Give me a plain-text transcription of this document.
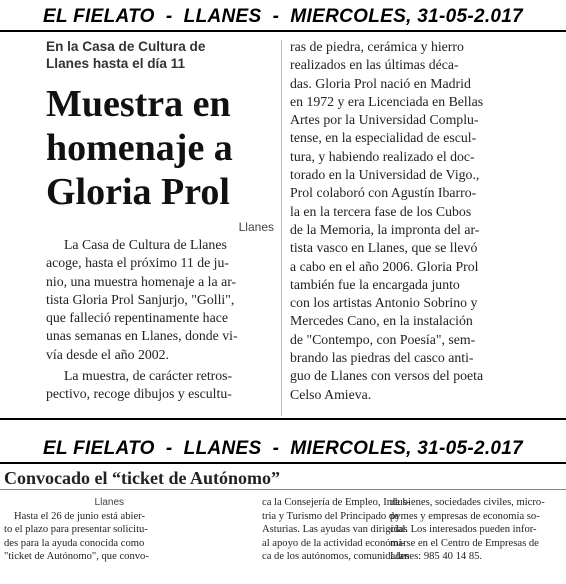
EL FIELATO  -  LLANES  -  MIERCOLES, 31-05-2.017
En la Casa de Cultura de
Llanes hasta el día 11
Muestra en
homenaje a
Gloria Prol
Llanes
La Casa de Cultura de Llanes
acoge, hasta el próximo 11 de ju-
nio, una muestra homenaje a la ar-
tista Gloria Prol Sanjurjo, "Golli",
que falleció repentinamente hace
unas semanas en Llanes, donde vi-
vía desde el año 2002.
La muestra, de carácter retros-
pectivo, recoge dibujos y escultu-
ras de piedra, cerámica y hierro
realizados en las últimas déca-
das. Gloria Prol nació en Madrid
en 1972 y era Licenciada en Bellas
Artes por la Universidad Complu-
tense, en la especialidad de escul-
tura, y habiendo realizado el doc-
torado en la Universidad de Vigo.,
Prol colaboró con Agustín Ibarro-
la en la tercera fase de los Cubos
de la Memoria, la impronta del ar-
tista vasco en Llanes, que se llevó
a cabo en el año 2006. Gloria Prol
también fue la encargada junto
con los artistas Antonio Sobrino y
Mercedes Cano, en la instalación
de "Contempo, con Poesía", sem-
brando las piedras del casco anti-
guo de Llanes con versos del poeta
Celso Amieva.
EL FIELATO  -  LLANES  -  MIERCOLES, 31-05-2.017
Convocado el “ticket de Autónomo”
Llanes
Hasta el 26 de junio está abier-
to el plazo para presentar solicitu-
des para la ayuda conocida como
"ticket de Autónomo", que convo-
ca la Consejería de Empleo, Indus-
tria y Turismo del Principado de
Asturias. Las ayudas van dirigidas
al apoyo de la actividad económi-
ca de los autónomos, comunidades
de bienes, sociedades civiles, micro-
pymes y empresas de economía so-
cial. Los interesados pueden infor-
marse en el Centro de Empresas de
Llanes: 985 40 14 85.
